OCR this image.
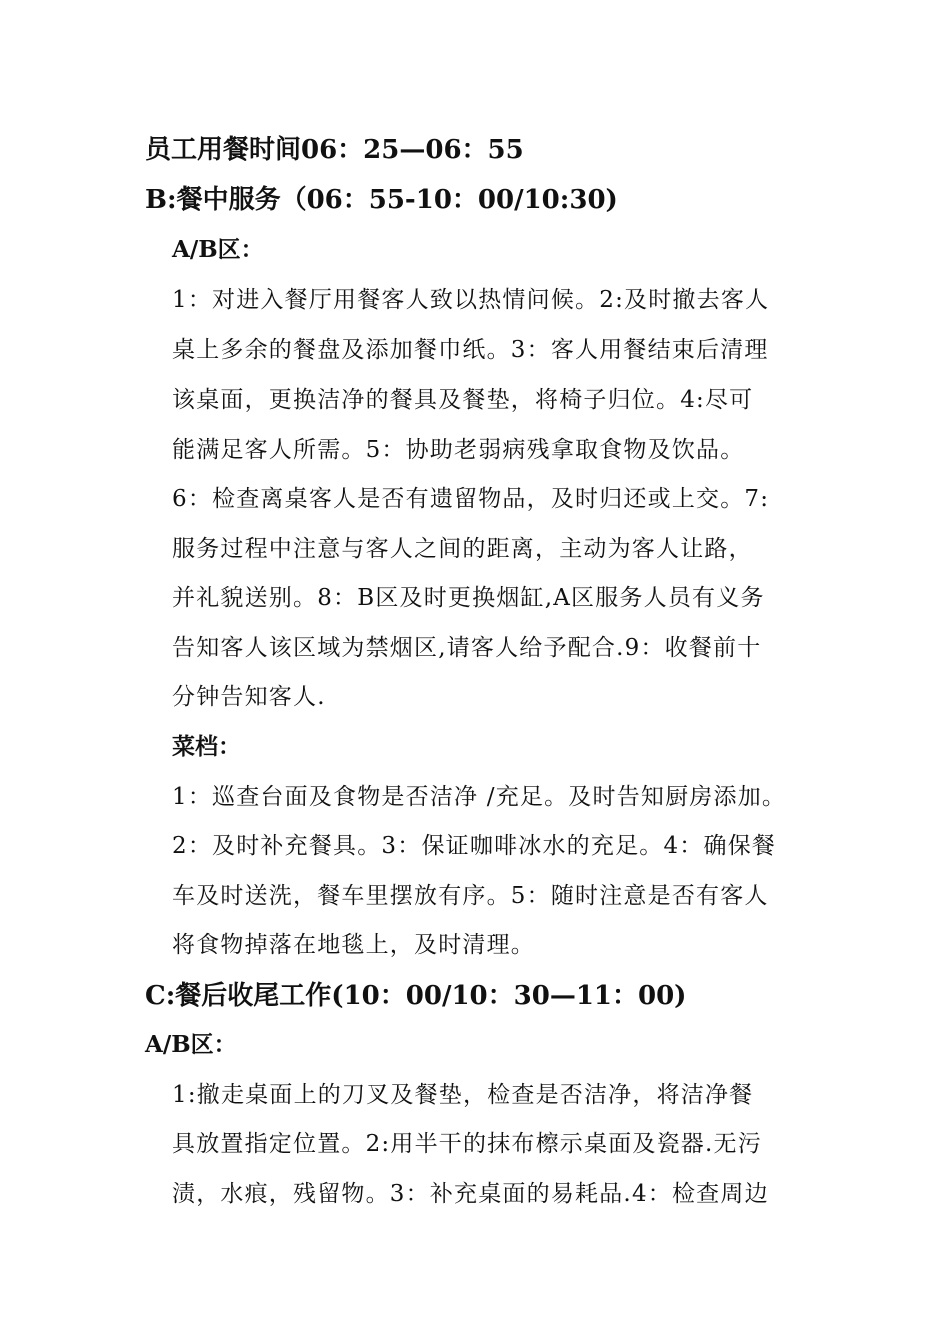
员工用餐时间06：25—06：55
B:餐中服务（06：55-10：00/10:30)
A/B区：
1：对进入餐厅用餐客人致以热情问候。2:及时撤去客人
桌上多余的餐盘及添加餐巾纸。3：客人用餐结束后清理
该桌面，更换洁净的餐具及餐垫，将椅子归位。4:尽可
能满足客人所需。5：协助老弱病残拿取食物及饮品。
6：检查离桌客人是否有遗留物品，及时归还或上交。7:
服务过程中注意与客人之间的距离，主动为客人让路，
并礼貌送别。8：B区及时更换烟缸,A区服务人员有义务
告知客人该区域为禁烟区,请客人给予配合.9：收餐前十
分钟告知客人.
菜档：
1：巡查台面及食物是否洁净 /充足。及时告知厨房添加。
2：及时补充餐具。3：保证咖啡冰水的充足。4：确保餐
车及时送洗，餐车里摆放有序。5：随时注意是否有客人
将食物掉落在地毯上，及时清理。
C:餐后收尾工作(10：00/10：30—11：00)
A/B区：
1:撤走桌面上的刀叉及餐垫，检查是否洁净，将洁净餐
具放置指定位置。2:用半干的抹布檫示桌面及瓷器.无污
渍，水痕，残留物。3：补充桌面的易耗品.4：检查周边
